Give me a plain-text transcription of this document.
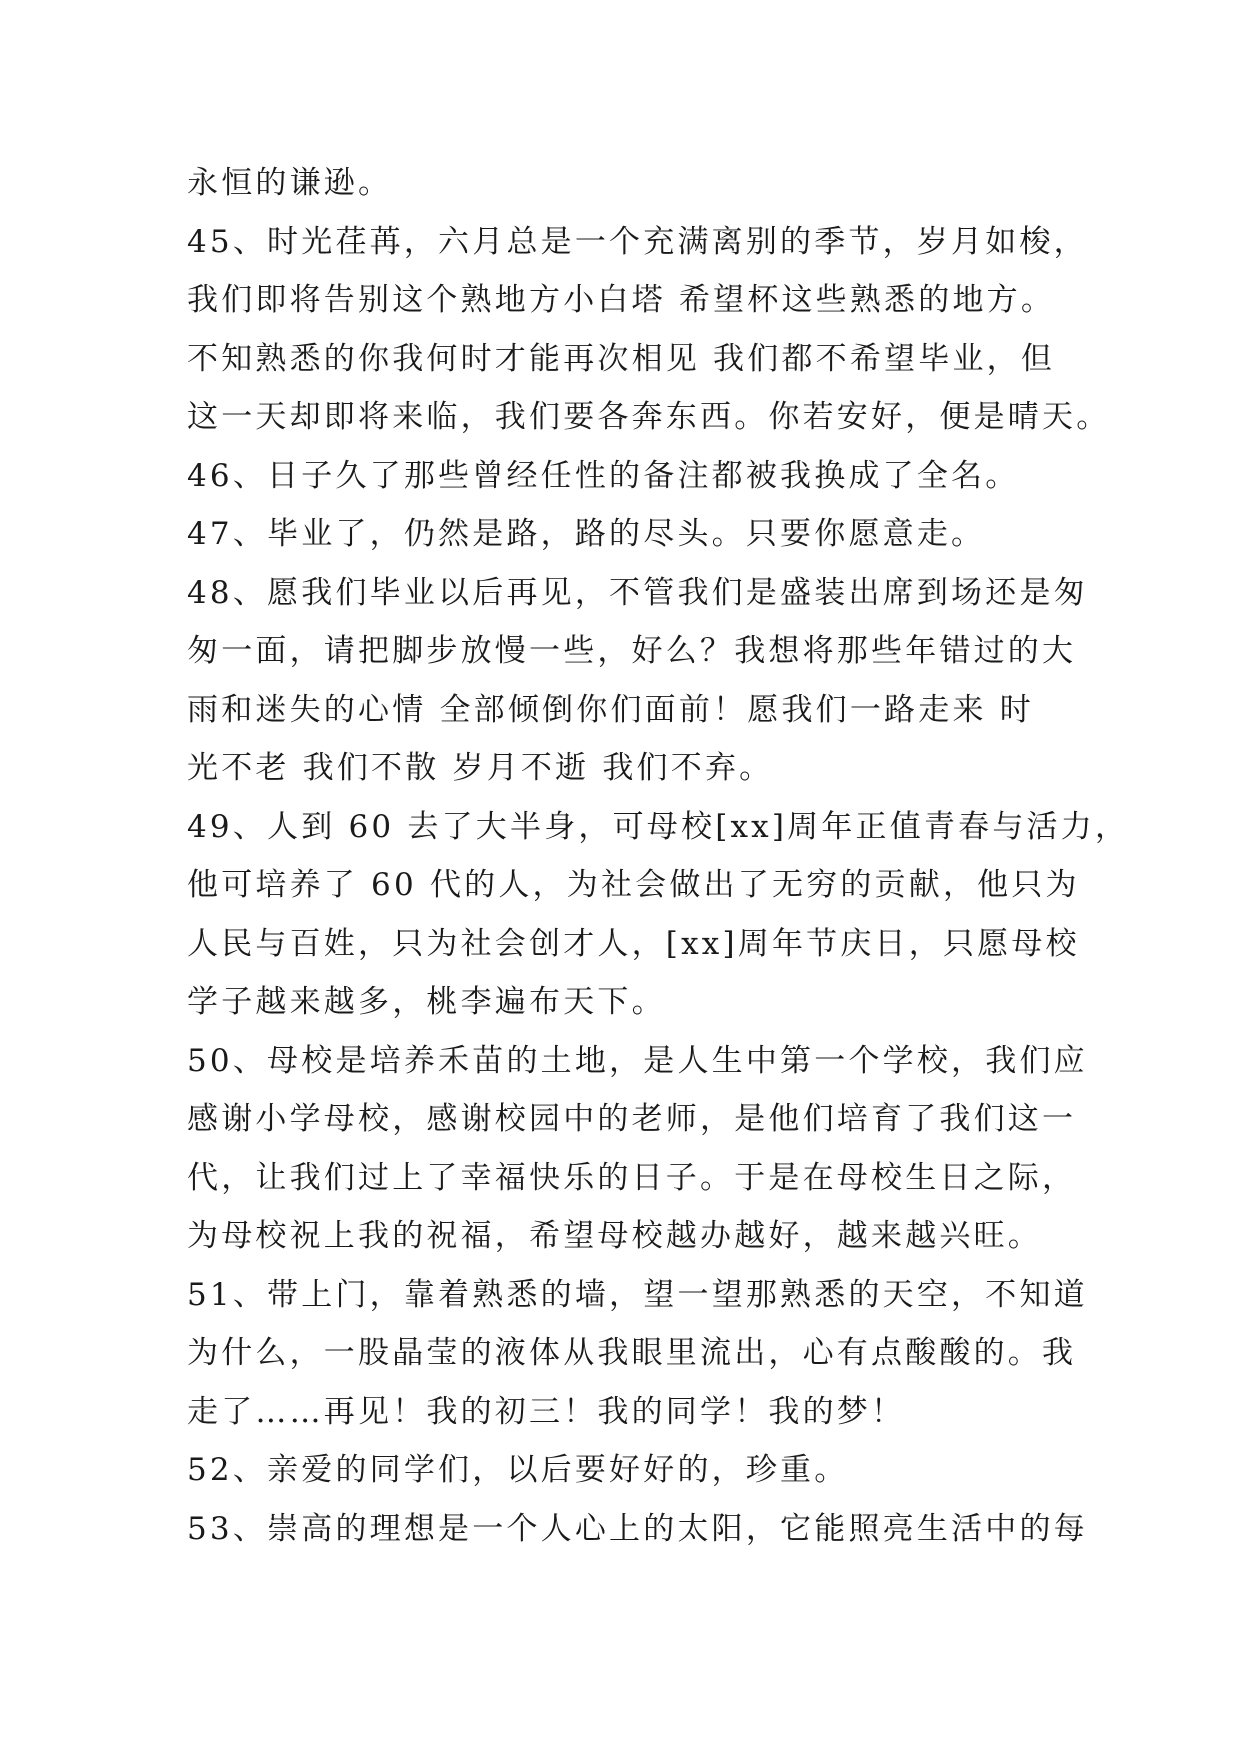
永恒的谦逊。
45、时光荏苒，六月总是一个充满离别的季节，岁月如梭，
我们即将告别这个熟地方小白塔 希望杯这些熟悉的地方。
不知熟悉的你我何时才能再次相见 我们都不希望毕业，但
这一天却即将来临，我们要各奔东西。你若安好，便是晴天。
46、日子久了那些曾经任性的备注都被我换成了全名。
47、毕业了，仍然是路，路的尽头。只要你愿意走。
48、愿我们毕业以后再见，不管我们是盛装出席到场还是匆
匆一面，请把脚步放慢一些，好么？我想将那些年错过的大
雨和迷失的心情 全部倾倒你们面前！愿我们一路走来 时
光不老 我们不散 岁月不逝 我们不弃。
49、人到 60 去了大半身，可母校[xx]周年正值青春与活力，
他可培养了 60 代的人，为社会做出了无穷的贡献，他只为
人民与百姓，只为社会创才人，[xx]周年节庆日，只愿母校
学子越来越多，桃李遍布天下。
50、母校是培养禾苗的土地，是人生中第一个学校，我们应
感谢小学母校，感谢校园中的老师，是他们培育了我们这一
代，让我们过上了幸福快乐的日子。于是在母校生日之际，
为母校祝上我的祝福，希望母校越办越好，越来越兴旺。
51、带上门，靠着熟悉的墙，望一望那熟悉的天空，不知道
为什么，一股晶莹的液体从我眼里流出，心有点酸酸的。我
走了……再见！我的初三！我的同学！我的梦！
52、亲爱的同学们，以后要好好的，珍重。
53、崇高的理想是一个人心上的太阳，它能照亮生活中的每
